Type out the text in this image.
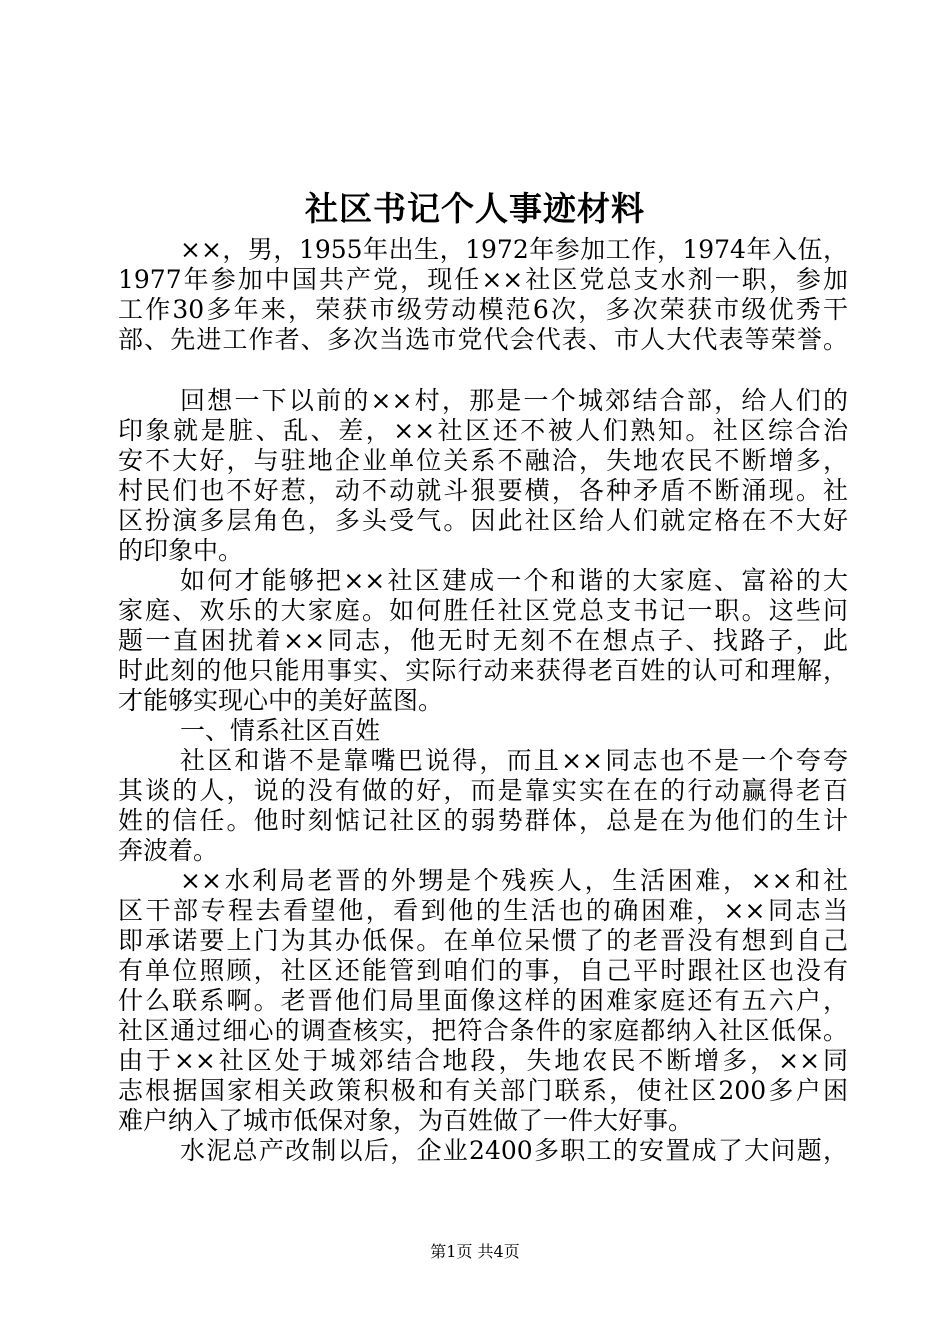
社区书记个人事迹材料
××，男，1955年出生，1972年参加工作，1974年入伍，
1977年参加中国共产党，现任××社区党总支水剂一职，参加
工作30多年来，荣获市级劳动模范6次，多次荣获市级优秀干
部、先进工作者、多次当选市党代会代表、市人大代表等荣誉。
回想一下以前的××村，那是一个城郊结合部，给人们的
印象就是脏、乱、差，××社区还不被人们熟知。社区综合治
安不大好，与驻地企业单位关系不融洽，失地农民不断增多，
村民们也不好惹，动不动就斗狠要横，各种矛盾不断涌现。社
区扮演多层角色，多头受气。因此社区给人们就定格在不大好
的印象中。
如何才能够把××社区建成一个和谐的大家庭、富裕的大
家庭、欢乐的大家庭。如何胜任社区党总支书记一职。这些问
题一直困扰着××同志，他无时无刻不在想点子、找路子，此
时此刻的他只能用事实、实际行动来获得老百姓的认可和理解，
才能够实现心中的美好蓝图。
一、情系社区百姓
社区和谐不是靠嘴巴说得，而且××同志也不是一个夸夸
其谈的人，说的没有做的好，而是靠实实在在的行动赢得老百
姓的信任。他时刻惦记社区的弱势群体，总是在为他们的生计
奔波着。
××水利局老晋的外甥是个残疾人，生活困难，××和社
区干部专程去看望他，看到他的生活也的确困难，××同志当
即承诺要上门为其办低保。在单位呆惯了的老晋没有想到自己
有单位照顾，社区还能管到咱们的事，自己平时跟社区也没有
什么联系啊。老晋他们局里面像这样的困难家庭还有五六户，
社区通过细心的调查核实，把符合条件的家庭都纳入社区低保。
由于××社区处于城郊结合地段，失地农民不断增多，××同
志根据国家相关政策积极和有关部门联系，使社区200多户困
难户纳入了城市低保对象，为百姓做了一件大好事。
水泥总产改制以后，企业2400多职工的安置成了大问题，
第1页 共4页
